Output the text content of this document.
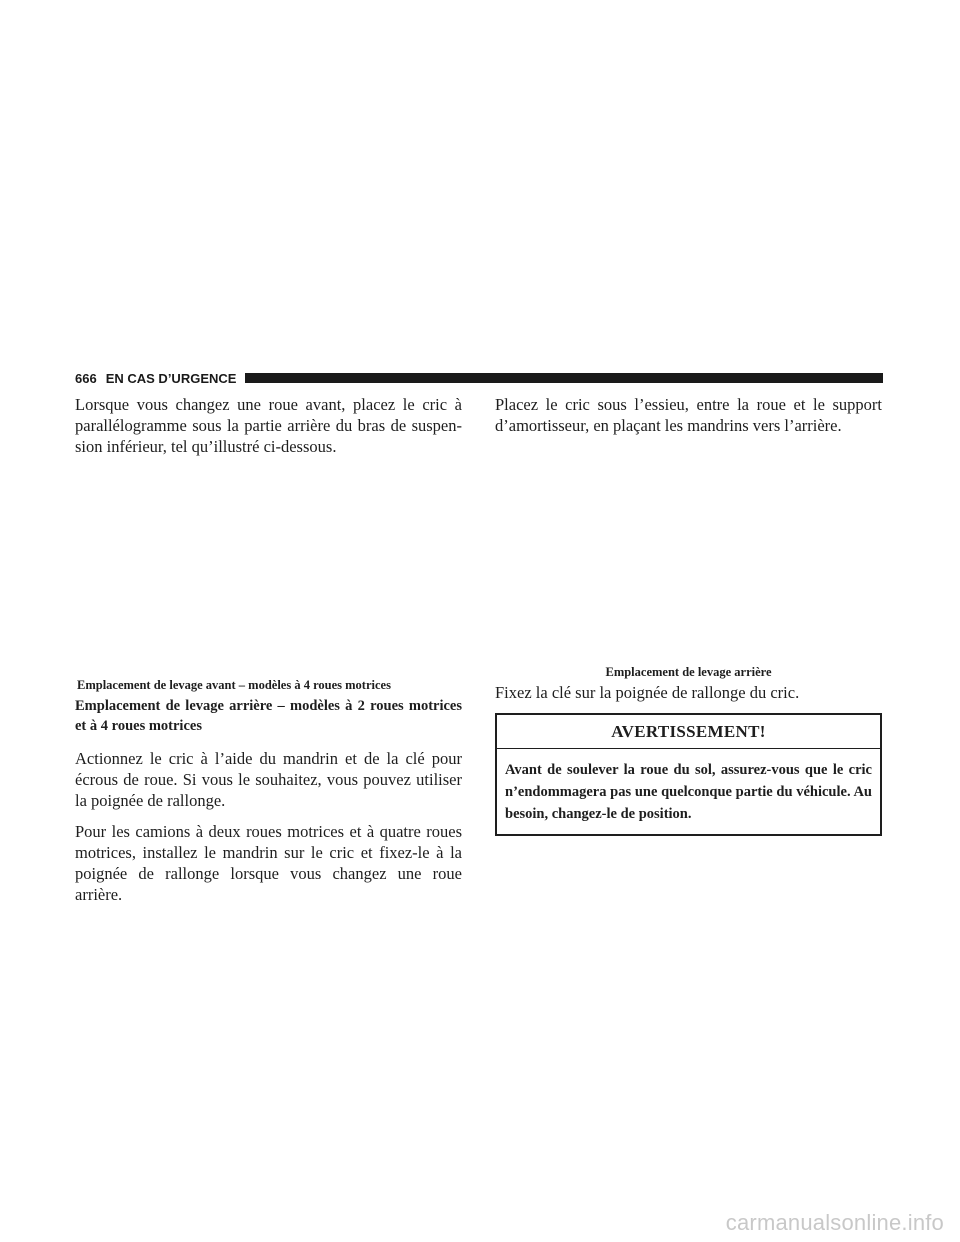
666 EN CAS D’URGENCE

Lorsque vous changez une roue avant, placez le cric à parallélogramme sous la partie arrière du bras de suspen-sion inférieur, tel qu’illustré ci-dessous.

Emplacement de levage avant – modèles à 4 roues motrices
Emplacement de levage arrière – modèles à 2 roues motrices et à 4 roues motrices

Actionnez le cric à l’aide du mandrin et de la clé pour écrous de roue. Si vous le souhaitez, vous pouvez utiliser la poignée de rallonge.

Pour les camions à deux roues motrices et à quatre roues motrices, installez le mandrin sur le cric et fixez-le à la poignée de rallonge lorsque vous changez une roue arrière.

Placez le cric sous l’essieu, entre la roue et le support d’amortisseur, en plaçant les mandrins vers l’arrière.

Emplacement de levage arrière

Fixez la clé sur la poignée de rallonge du cric.

AVERTISSEMENT!
Avant de soulever la roue du sol, assurez-vous que le cric n’endommagera pas une quelconque partie du véhicule. Au besoin, changez-le de position.
carmanualsonline.info
